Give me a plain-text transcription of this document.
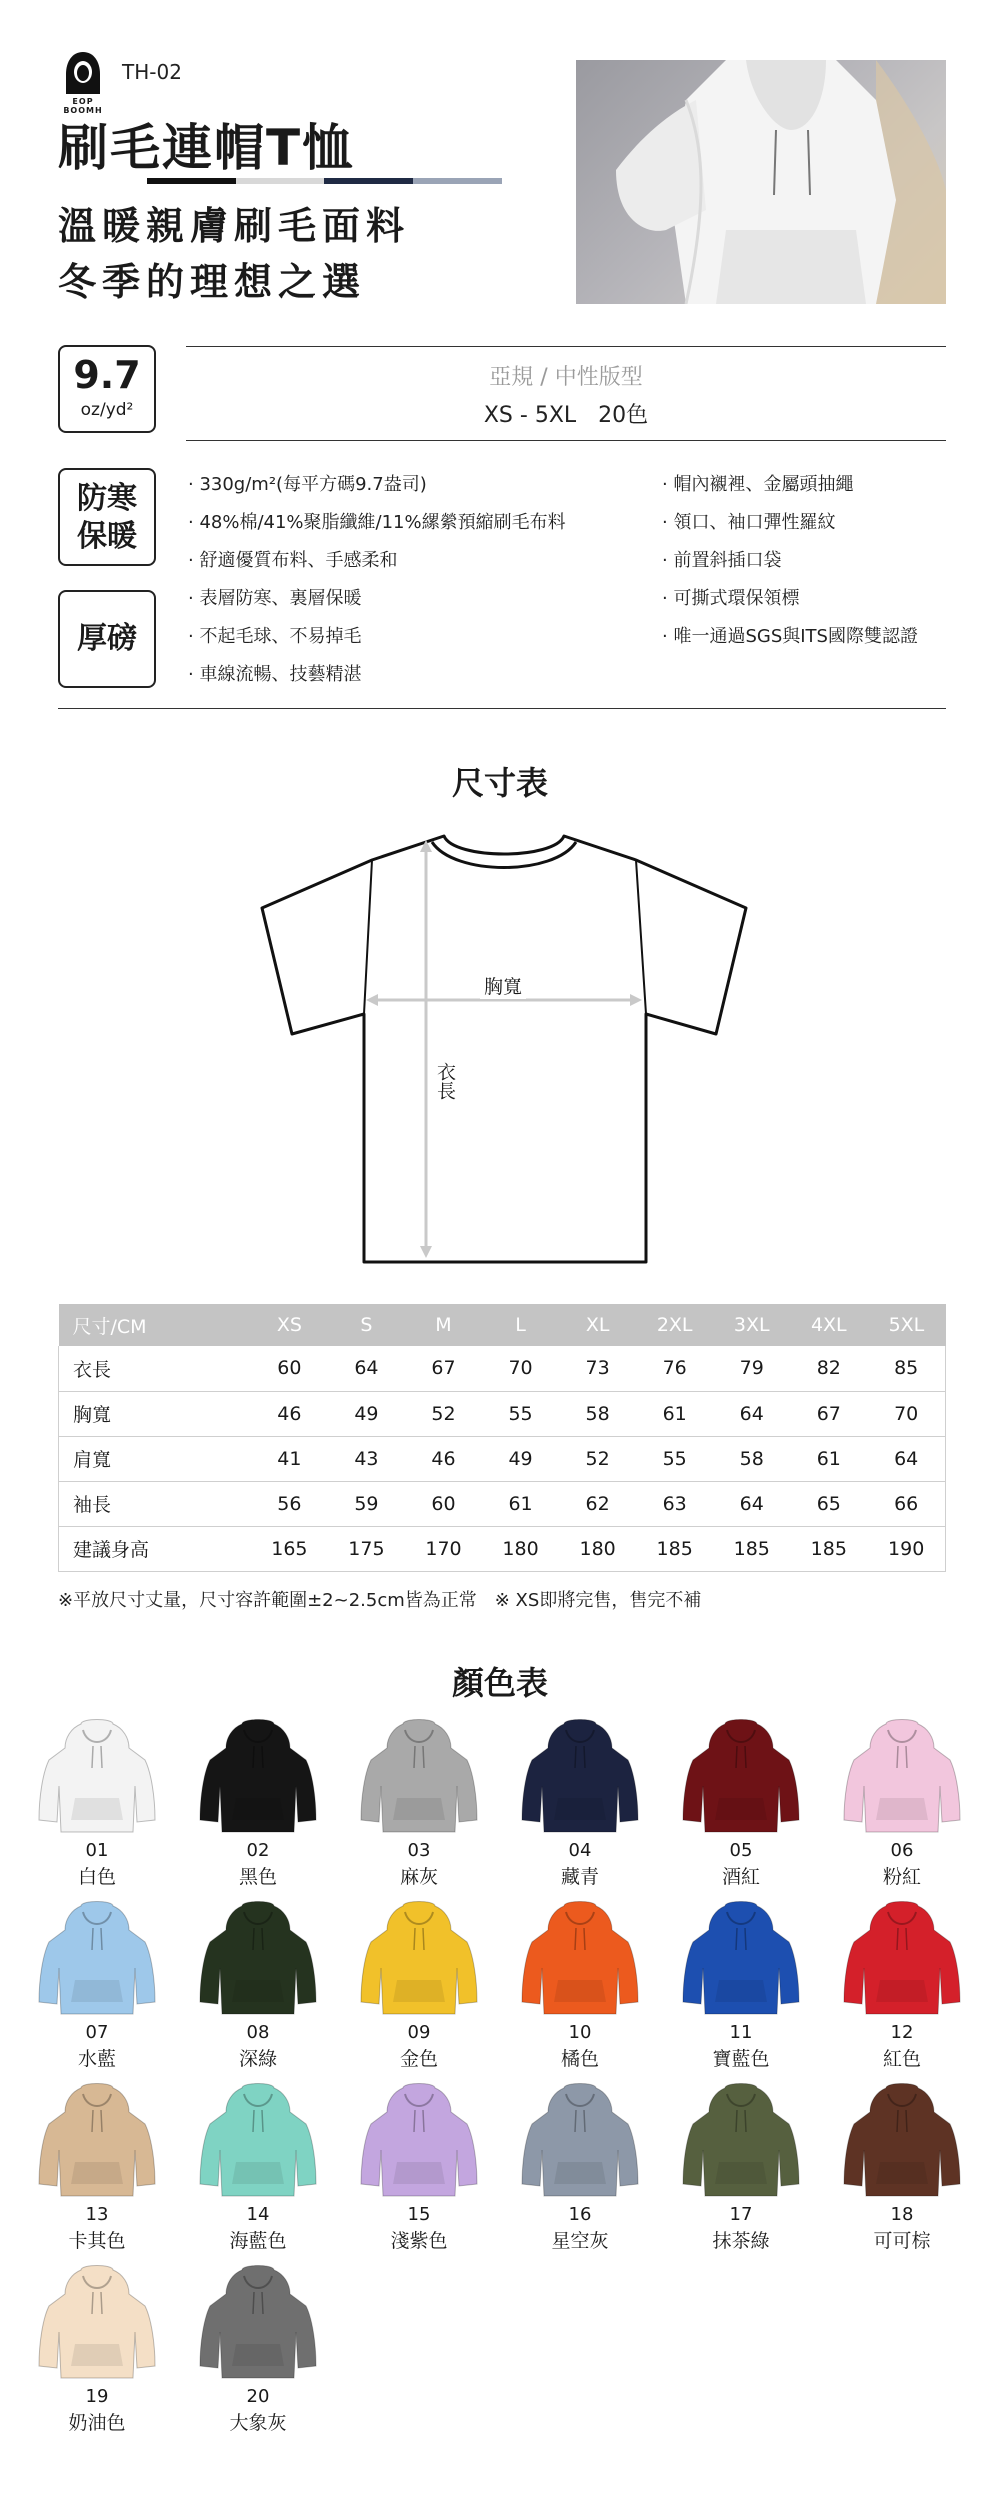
EOP BOOMH
TH-02
刷毛連帽T恤
溫暖親膚刷毛面料
冬季的理想之選
9.7
oz/yd²
亞規 / 中性版型
XS - 5XL　20色
防寒
保暖
厚磅
· 330g/m²(每平方碼9.7盎司)
· 48%棉/41%聚脂纖維/11%縲縈預縮刷毛布料
· 舒適優質布料、手感柔和
· 表層防寒、裏層保暖
· 不起毛球、不易掉毛
· 車線流暢、技藝精湛
· 帽內襯裡、金屬頭抽繩
· 領口、袖口彈性羅紋
· 前置斜插口袋
· 可撕式環保領標
· 唯一通過SGS與ITS國際雙認證
尺寸表
胸寬
衣長
尺寸/CM	XS	S	M	L	XL	2XL	3XL	4XL	5XL
衣長	60	64	67	70	73	76	79	82	85
胸寬	46	49	52	55	58	61	64	67	70
肩寬	41	43	46	49	52	55	58	61	64
袖長	56	59	60	61	62	63	64	65	66
建議身高	165	175	170	180	180	185	185	185	190
※平放尺寸丈量，尺寸容許範圍±2~2.5cm皆為正常　※ XS即將完售，售完不補
顏色表
01
白色
02
黑色
03
麻灰
04
藏青
05
酒紅
06
粉紅
07
水藍
08
深綠
09
金色
10
橘色
11
寶藍色
12
紅色
13
卡其色
14
海藍色
15
淺紫色
16
星空灰
17
抹茶綠
18
可可棕
19
奶油色
20
大象灰
